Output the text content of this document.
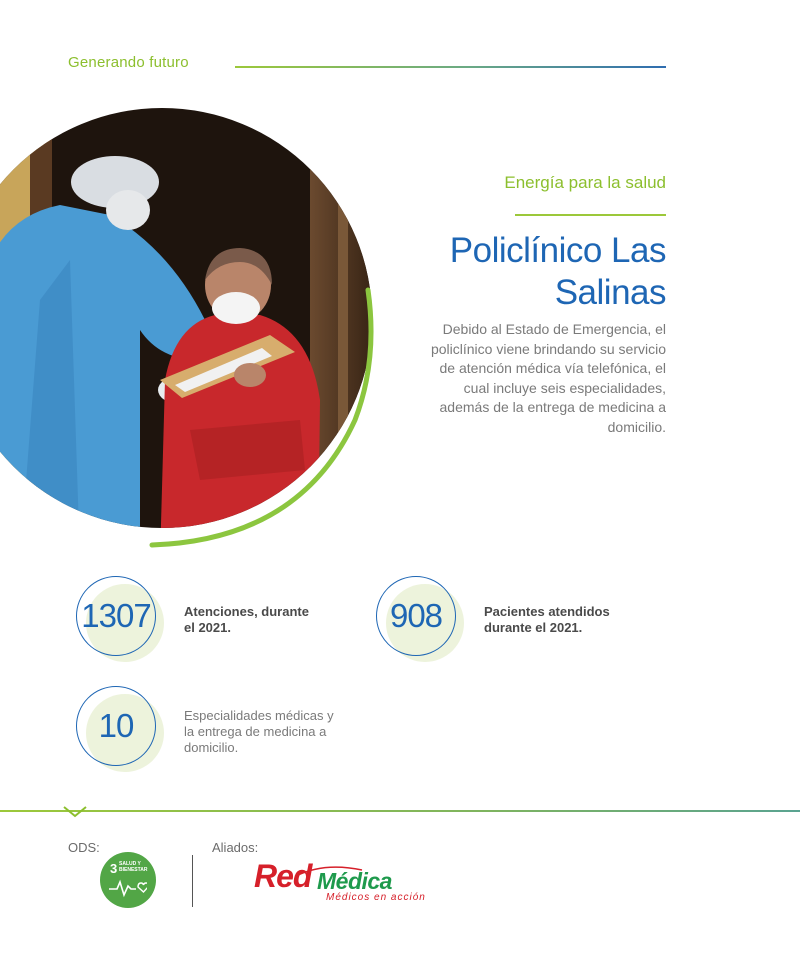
Generando futuro
Energía para la salud
Policlínico Las Salinas
Debido al Estado de Emergencia, el policlínico viene brindando su servicio de atención médica vía telefónica, el cual incluye seis especialidades, además de la entrega de medicina a domicilio.
1307	Atenciones, durante
el 2021.	908	Pacientes atendidos
durante el 2021.
10	Especialidades médicas y
la entrega de medicina a
domicilio.
ODS:	Aliados:
3 SALUD Y BIENESTAR	Red Médica
Médicos en acción
